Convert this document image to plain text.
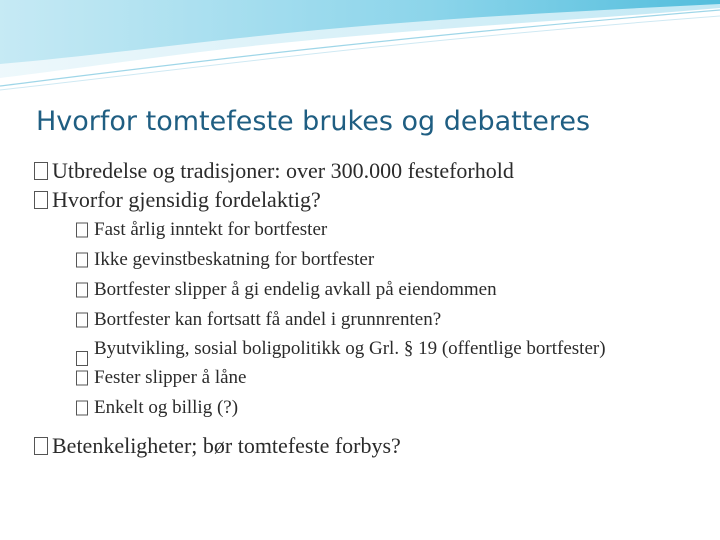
Hvorfor tomtefeste brukes og debatteres
Utbredelse og tradisjoner: over 300.000 festeforhold
Hvorfor gjensidig fordelaktig?
Fast årlig inntekt for bortfester
Ikke gevinstbeskatning for bortfester
Bortfester slipper å gi endelig avkall på eiendommen
Bortfester kan fortsatt få andel i grunnrenten?
Byutvikling, sosial boligpolitikk og Grl. § 19 (offentlige bortfester)
Fester slipper å låne
Enkelt og billig (?)
Betenkeligheter; bør tomtefeste forbys?
